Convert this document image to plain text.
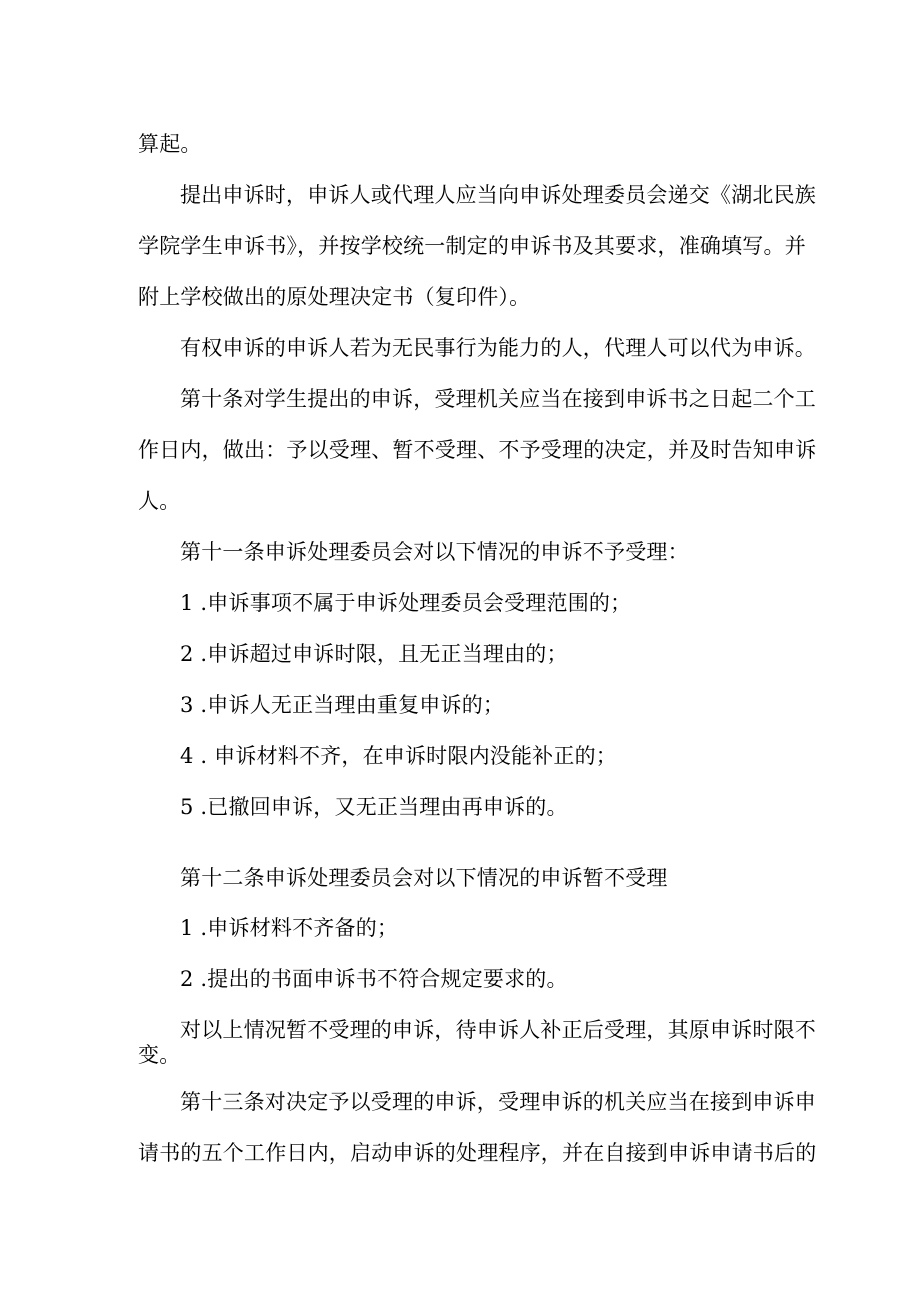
算起。
提出申诉时，申诉人或代理人应当向申诉处理委员会递交《湖北民族
学院学生申诉书》，并按学校统一制定的申诉书及其要求，准确填写。并
附上学校做出的原处理决定书（复印件）。
有权申诉的申诉人若为无民事行为能力的人，代理人可以代为申诉。
第十条对学生提出的申诉，受理机关应当在接到申诉书之日起二个工
作日内，做出：予以受理、暂不受理、不予受理的决定，并及时告知申诉
人。
第十一条申诉处理委员会对以下情况的申诉不予受理：
1 .申诉事项不属于申诉处理委员会受理范围的；
2 .申诉超过申诉时限，且无正当理由的；
3 .申诉人无正当理由重复申诉的；
4 . 申诉材料不齐，在申诉时限内没能补正的；
5 .已撤回申诉，又无正当理由再申诉的。
第十二条申诉处理委员会对以下情况的申诉暂不受理
1 .申诉材料不齐备的；
2 .提出的书面申诉书不符合规定要求的。
对以上情况暂不受理的申诉，待申诉人补正后受理，其原申诉时限不
变。
第十三条对决定予以受理的申诉，受理申诉的机关应当在接到申诉申
请书的五个工作日内，启动申诉的处理程序，并在自接到申诉申请书后的
